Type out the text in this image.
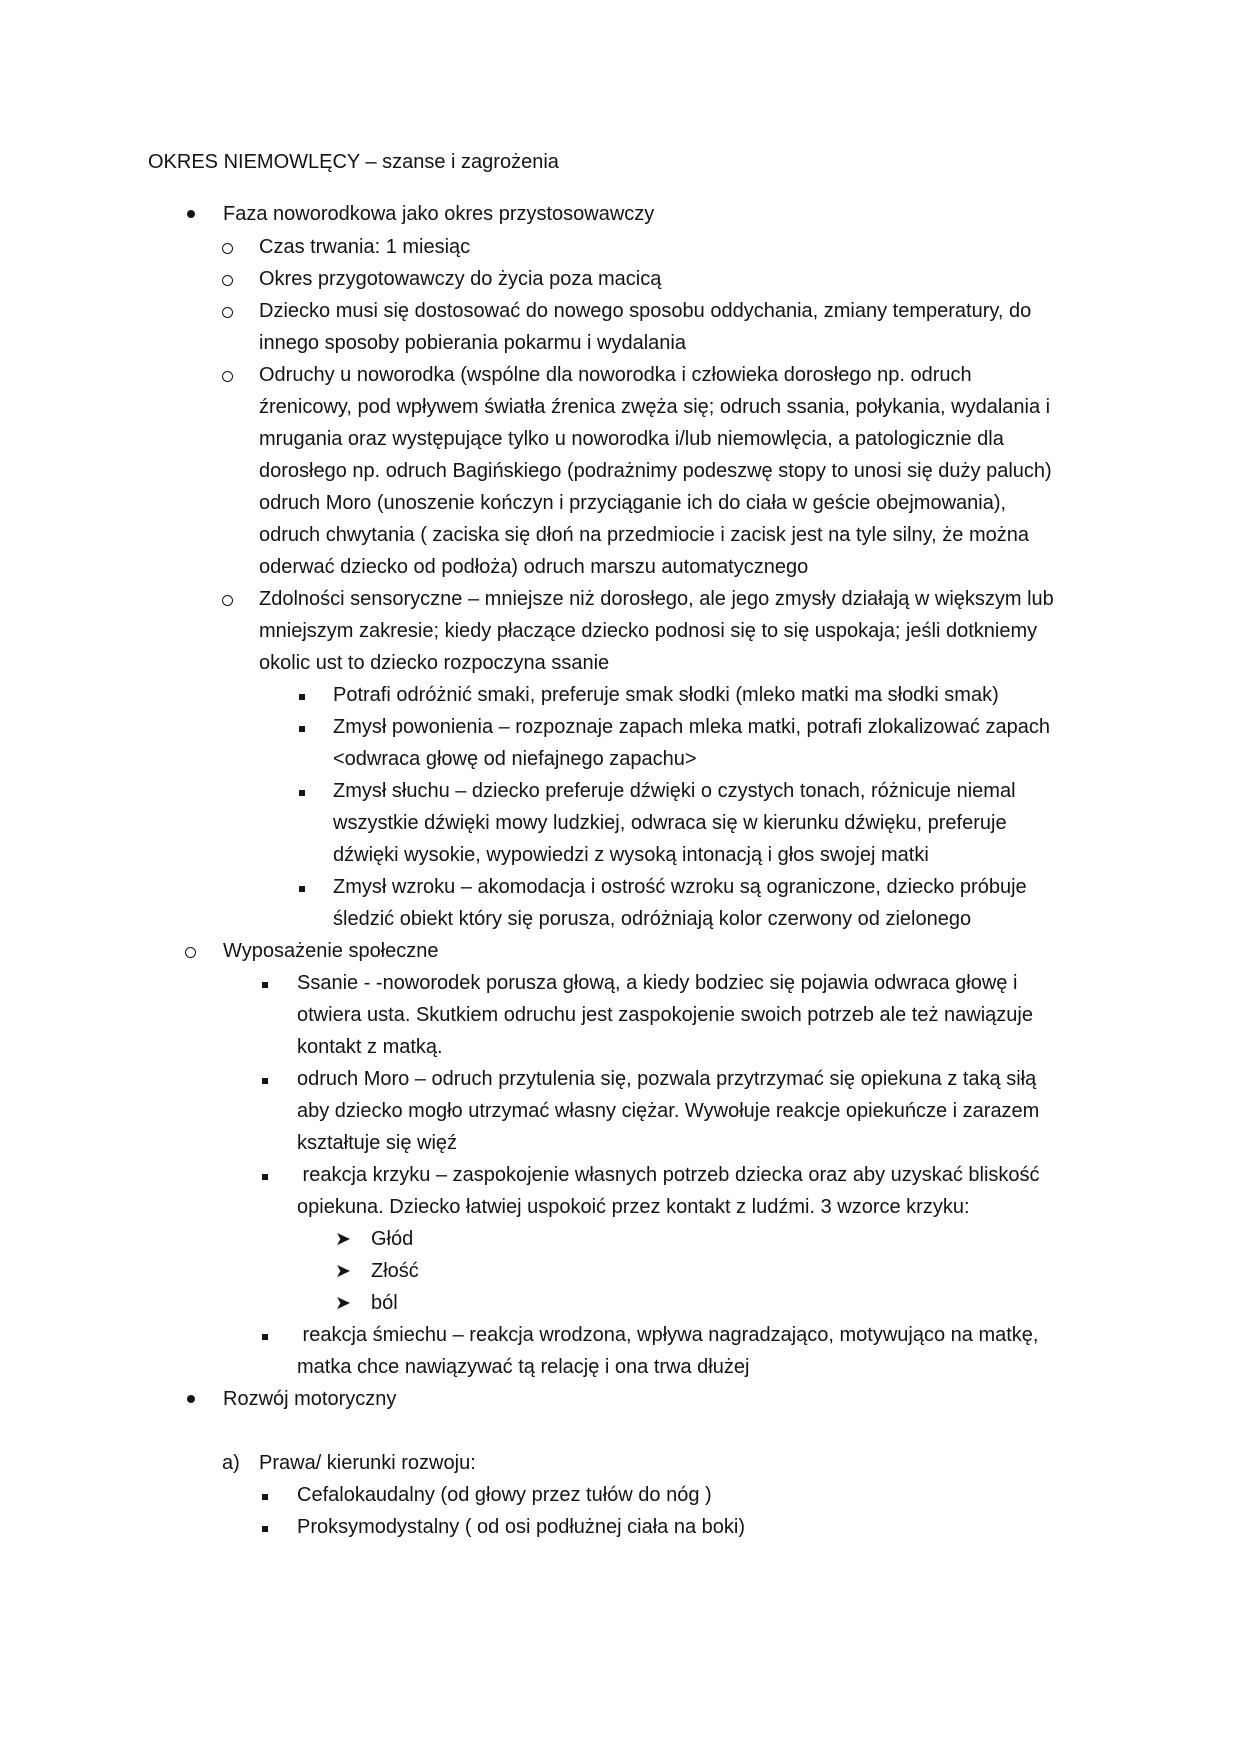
OKRES NIEMOWLĘCY – szanse i zagrożenia
Faza noworodkowa jako okres przystosowawczy
Czas trwania: 1 miesiąc
Okres przygotowawczy do życia poza macicą
Dziecko musi się dostosować do nowego sposobu oddychania, zmiany temperatury, do
innego sposoby pobierania pokarmu i wydalania
Odruchy u noworodka (wspólne dla noworodka i człowieka dorosłego np. odruch
źrenicowy, pod wpływem światła źrenica zwęża się; odruch ssania, połykania, wydalania i
mrugania oraz występujące tylko u noworodka i/lub niemowlęcia, a patologicznie dla
dorosłego np. odruch Bagińskiego (podrażnimy podeszwę stopy to unosi się duży paluch)
odruch Moro (unoszenie kończyn i przyciąganie ich do ciała w geście obejmowania),
odruch chwytania ( zaciska się dłoń na przedmiocie i zacisk jest na tyle silny, że można
oderwać dziecko od podłoża) odruch marszu automatycznego
Zdolności sensoryczne – mniejsze niż dorosłego, ale jego zmysły działają w większym lub
mniejszym zakresie; kiedy płaczące dziecko podnosi się to się uspokaja; jeśli dotkniemy
okolic ust to dziecko rozpoczyna ssanie
Potrafi odróżnić smaki, preferuje smak słodki (mleko matki ma słodki smak)
Zmysł powonienia – rozpoznaje zapach mleka matki, potrafi zlokalizować zapach
<odwraca głowę od niefajnego zapachu>
Zmysł słuchu – dziecko preferuje dźwięki o czystych tonach, różnicuje niemal
wszystkie dźwięki mowy ludzkiej, odwraca się w kierunku dźwięku, preferuje
dźwięki wysokie, wypowiedzi z wysoką intonacją i głos swojej matki
Zmysł wzroku – akomodacja i ostrość wzroku są ograniczone, dziecko próbuje
śledzić obiekt który się porusza, odróżniają kolor czerwony od zielonego
Wyposażenie społeczne
Ssanie - -noworodek porusza głową, a kiedy bodziec się pojawia odwraca głowę i
otwiera usta. Skutkiem odruchu jest zaspokojenie swoich potrzeb ale też nawiązuje
kontakt z matką.
odruch Moro – odruch przytulenia się, pozwala przytrzymać się opiekuna z taką siłą
aby dziecko mogło utrzymać własny ciężar. Wywołuje reakcje opiekuńcze i zarazem
kształtuje się więź
reakcja krzyku – zaspokojenie własnych potrzeb dziecka oraz aby uzyskać bliskość
opiekuna. Dziecko łatwiej uspokoić przez kontakt z ludźmi. 3 wzorce krzyku:
➤ Głód
➤ Złość
➤ ból
reakcja śmiechu – reakcja wrodzona, wpływa nagradzająco, motywująco na matkę,
matka chce nawiązywać tą relację i ona trwa dłużej
Rozwój motoryczny
a) Prawa/ kierunki rozwoju:
Cefalokaudalny (od głowy przez tułów do nóg )
Proksymodystalny ( od osi podłużnej ciała na boki)
